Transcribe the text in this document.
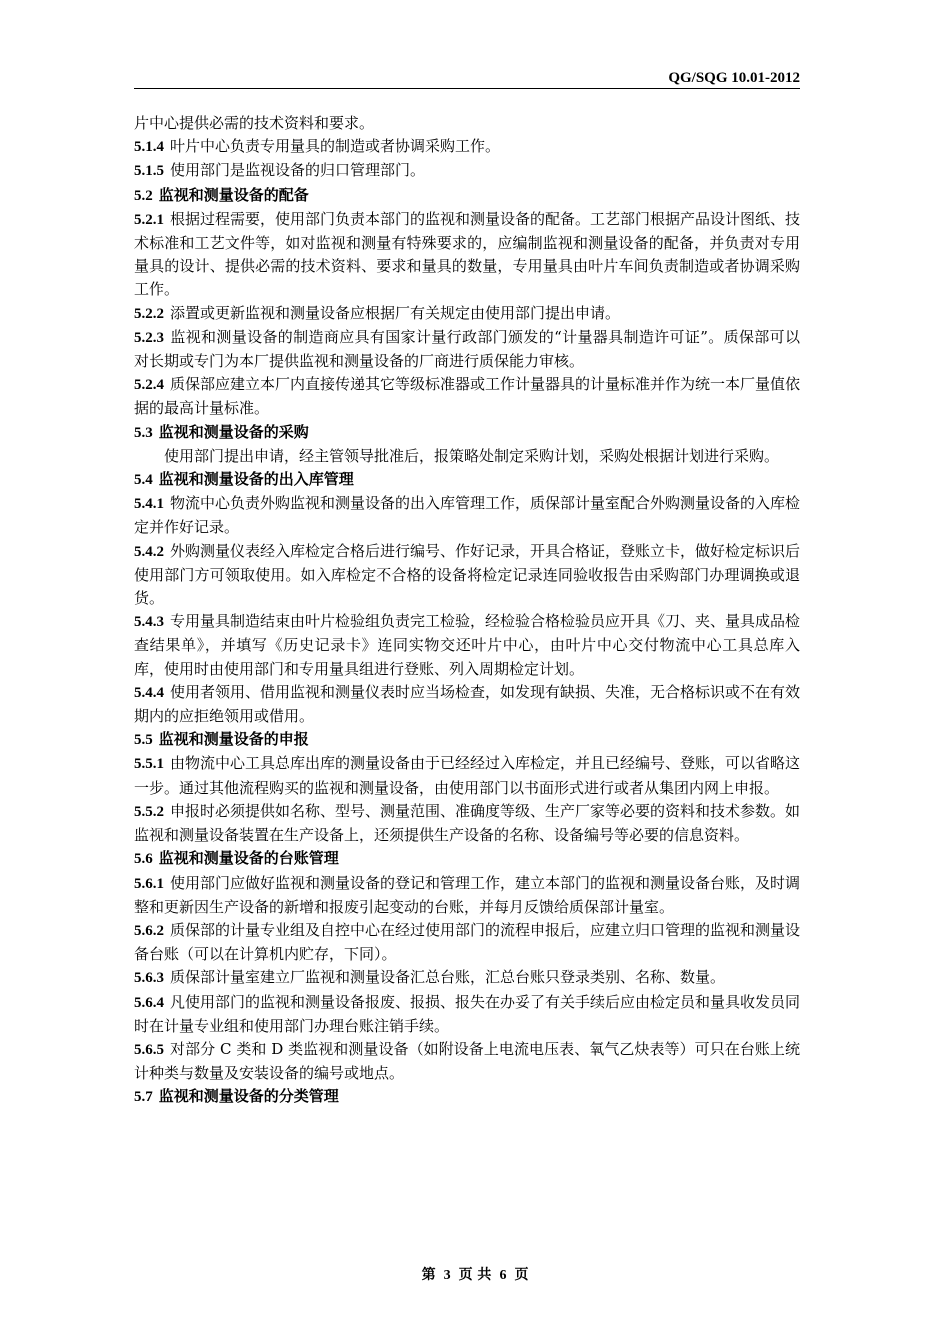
QG/SQG 10.01-2012

片中心提供必需的技术资料和要求。

5.1.4 叶片中心负责专用量具的制造或者协调采购工作。

5.1.5 使用部门是监视设备的归口管理部门。

5.2 监视和测量设备的配备

5.2.1 根据过程需要，使用部门负责本部门的监视和测量设备的配备。工艺部门根据产品设计图纸、技术标准和工艺文件等，如对监视和测量有特殊要求的，应编制监视和测量设备的配备，并负责对专用量具的设计、提供必需的技术资料、要求和量具的数量，专用量具由叶片车间负责制造或者协调采购工作。

5.2.2 添置或更新监视和测量设备应根据厂有关规定由使用部门提出申请。

5.2.3 监视和测量设备的制造商应具有国家计量行政部门颁发的“计量器具制造许可证”。质保部可以对长期或专门为本厂提供监视和测量设备的厂商进行质保能力审核。

5.2.4 质保部应建立本厂内直接传递其它等级标准器或工作计量器具的计量标准并作为统一本厂量值依据的最高计量标准。

5.3 监视和测量设备的采购

使用部门提出申请，经主管领导批准后，报策略处制定采购计划，采购处根据计划进行采购。

5.4 监视和测量设备的出入库管理

5.4.1 物流中心负责外购监视和测量设备的出入库管理工作，质保部计量室配合外购测量设备的入库检定并作好记录。

5.4.2 外购测量仪表经入库检定合格后进行编号、作好记录，开具合格证，登账立卡，做好检定标识后使用部门方可领取使用。如入库检定不合格的设备将检定记录连同验收报告由采购部门办理调换或退货。

5.4.3 专用量具制造结束由叶片检验组负责完工检验，经检验合格检验员应开具《刀、夹、量具成品检查结果单》，并填写《历史记录卡》连同实物交还叶片中心，由叶片中心交付物流中心工具总库入库，使用时由使用部门和专用量具组进行登账、列入周期检定计划。

5.4.4 使用者领用、借用监视和测量仪表时应当场检查，如发现有缺损、失准，无合格标识或不在有效期内的应拒绝领用或借用。

5.5 监视和测量设备的申报

5.5.1 由物流中心工具总库出库的测量设备由于已经经过入库检定，并且已经编号、登账，可以省略这一步。通过其他流程购买的监视和测量设备，由使用部门以书面形式进行或者从集团内网上申报。

5.5.2 申报时必须提供如名称、型号、测量范围、准确度等级、生产厂家等必要的资料和技术参数。如监视和测量设备装置在生产设备上，还须提供生产设备的名称、设备编号等必要的信息资料。

5.6 监视和测量设备的台账管理

5.6.1 使用部门应做好监视和测量设备的登记和管理工作，建立本部门的监视和测量设备台账，及时调整和更新因生产设备的新增和报废引起变动的台账，并每月反馈给质保部计量室。

5.6.2 质保部的计量专业组及自控中心在经过使用部门的流程申报后，应建立归口管理的监视和测量设备台账（可以在计算机内贮存，下同）。

5.6.3 质保部计量室建立厂监视和测量设备汇总台账，汇总台账只登录类别、名称、数量。

5.6.4 凡使用部门的监视和测量设备报废、报损、报失在办妥了有关手续后应由检定员和量具收发员同时在计量专业组和使用部门办理台账注销手续。

5.6.5 对部分 C 类和 D 类监视和测量设备（如附设备上电流电压表、氧气乙炔表等）可只在台账上统计种类与数量及安装设备的编号或地点。

5.7 监视和测量设备的分类管理

第 3 页 共 6 页
